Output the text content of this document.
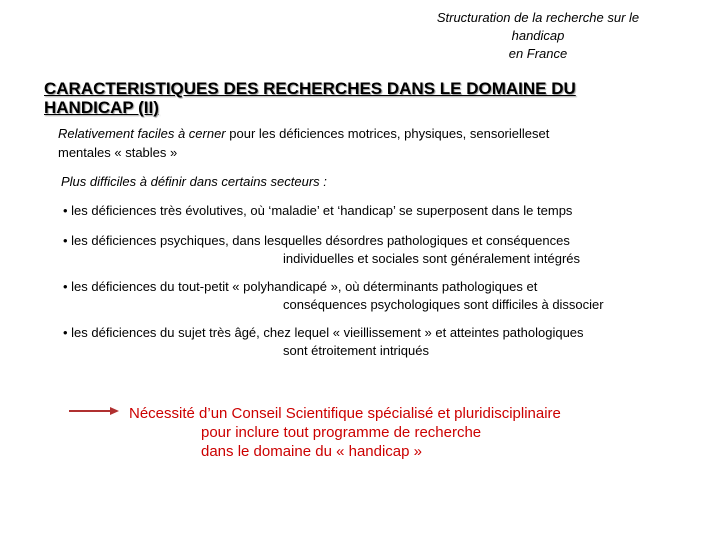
Structuration de la recherche sur le
handicap
en France
CARACTERISTIQUES DES RECHERCHES DANS LE DOMAINE DU
HANDICAP (II)
Relativement faciles à cerner pour les déficiences motrices, physiques, sensorielleset
mentales « stables »
Plus difficiles à définir dans certains secteurs :
• les déficiences très évolutives, où ‘maladie’ et ‘handicap’ se superposent dans le temps
• les déficiences psychiques, dans lesquelles désordres pathologiques et conséquences
individuelles et sociales sont généralement intégrés
• les déficiences du tout-petit « polyhandicapé », où déterminants pathologiques et
conséquences psychologiques sont difficiles à dissocier
• les déficiences du sujet très âgé, chez lequel « vieillissement » et atteintes pathologiques
sont étroitement intriqués
Nécessité d’un Conseil Scientifique spécialisé et pluridisciplinaire
pour inclure tout programme de recherche
dans le domaine du « handicap »
